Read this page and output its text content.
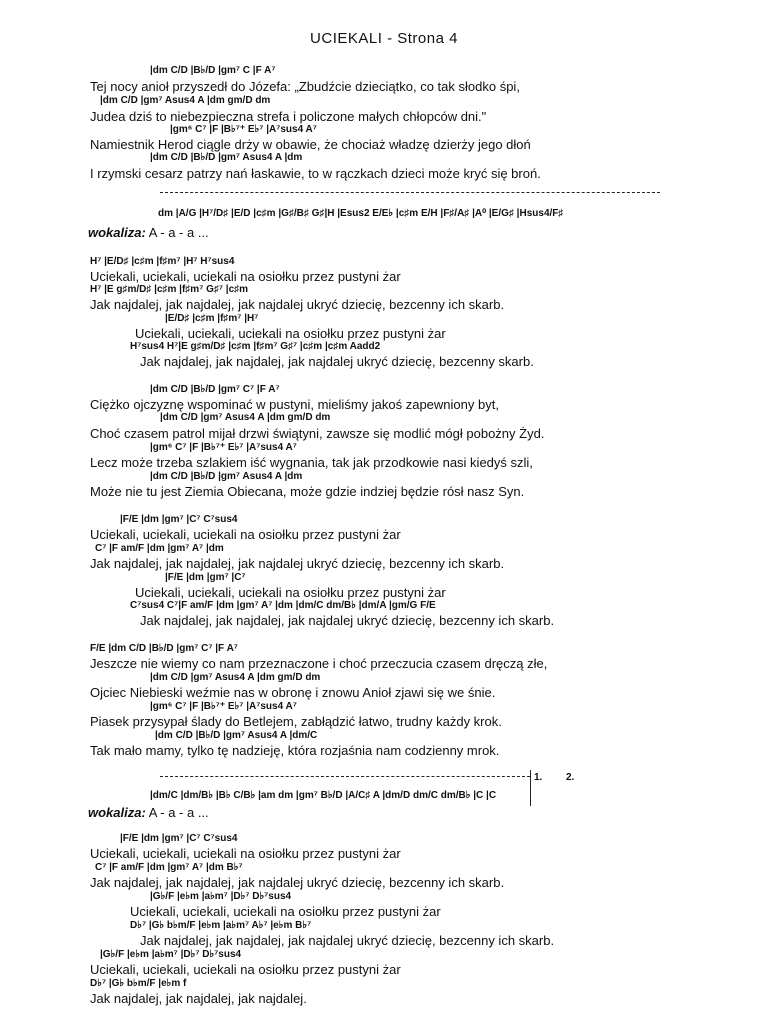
UCIEKALI - Strona 4
|dm C/D |B♭/D |gm⁷ C |F A⁷
Tej nocy anioł przyszedł do Józefa: „Zbudźcie dzieciątko, co tak słodko śpi,
|dm C/D |gm⁷ Asus4 A |dm gm/D dm
Judea dziś to niebezpieczna strefa i policzone małych chłopców dni."
|gm⁶ C⁷ |F |B♭⁷⁺ E♭⁷ |A⁷sus4 A⁷
Namiestnik Herod ciągle drży w obawie, że chociaż władzę dzierży jego dłoń
|dm C/D |B♭/D |gm⁷ Asus4 A |dm
I rzymski cesarz patrzy nań łaskawie, to w rączkach dzieci może kryć się broń.
dm |A/G |H⁷/D♯ |E/D |c♯m |G♯/B♯ G♯|H |Esus2 E/E♭ |c♯m E/H |F♯/A♯ |A⁰ |E/G♯ |Hsus4/F♯
wokaliza: A - a - a ...
H⁷ |E/D♯ |c♯m |f♯m⁷ |H⁷ H⁷sus4
Uciekali, uciekali, uciekali na osiołku przez pustyni żar
H⁷ |E g♯m/D♯ |c♯m |f♯m⁷ G♯⁷ |c♯m
Jak najdalej, jak najdalej, jak najdalej ukryć dziecię, bezcenny ich skarb.
|E/D♯ |c♯m |f♯m⁷ |H⁷
Uciekali, uciekali, uciekali na osiołku przez pustyni żar
H⁷sus4 H⁷|E g♯m/D♯ |c♯m |f♯m⁷ G♯⁷ |c♯m |c♯m Aadd2
Jak najdalej, jak najdalej, jak najdalej ukryć dziecię, bezcenny skarb.
|dm C/D |B♭/D |gm⁷ C⁷ |F A⁷
Ciężko ojczyznę wspominać w pustyni, mieliśmy jakoś zapewniony byt,
|dm C/D |gm⁷ Asus4 A |dm gm/D dm
Choć czasem patrol mijał drzwi świątyni, zawsze się modlić mógł pobożny Żyd.
|gm⁶ C⁷ |F |B♭⁷⁺ E♭⁷ |A⁷sus4 A⁷
Lecz może trzeba szlakiem iść wygnania, tak jak przodkowie nasi kiedyś szli,
|dm C/D |B♭/D |gm⁷ Asus4 A |dm
Może nie tu jest Ziemia Obiecana, może gdzie indziej będzie rósł nasz Syn.
|F/E |dm |gm⁷ |C⁷ C⁷sus4
Uciekali, uciekali, uciekali na osiołku przez pustyni żar
C⁷ |F am/F |dm |gm⁷ A⁷ |dm
Jak najdalej, jak najdalej, jak najdalej ukryć dziecię, bezcenny ich skarb.
|F/E |dm |gm⁷ |C⁷
Uciekali, uciekali, uciekali na osiołku przez pustyni żar
C⁷sus4 C⁷|F am/F |dm |gm⁷ A⁷ |dm |dm/C dm/B♭ |dm/A |gm/G F/E
Jak najdalej, jak najdalej, jak najdalej ukryć dziecię, bezcenny ich skarb.
F/E |dm C/D |B♭/D |gm⁷ C⁷ |F A⁷
Jeszcze nie wiemy co nam przeznaczone i choć przeczucia czasem dręczą złe,
|dm C/D |gm⁷ Asus4 A |dm gm/D dm
Ojciec Niebieski weźmie nas w obronę i znowu Anioł zjawi się we śnie.
|gm⁶ C⁷ |F |B♭⁷⁺ E♭⁷ |A⁷sus4 A⁷
Piasek przysypał ślady do Betlejem, zabłądzić łatwo, trudny każdy krok.
|dm C/D |B♭/D |gm⁷ Asus4 A |dm/C
Tak mało mamy, tylko tę nadzieję, która rozjaśnia nam codzienny mrok.
1. 2.
|dm/C |dm/B♭ |B♭ C/B♭ |am dm |gm⁷ B♭/D |A/C♯ A |dm/D dm/C dm/B♭ |C |C
wokaliza: A - a - a ...
|F/E |dm |gm⁷ |C⁷ C⁷sus4
Uciekali, uciekali, uciekali na osiołku przez pustyni żar
C⁷ |F am/F |dm |gm⁷ A⁷ |dm B♭⁷
Jak najdalej, jak najdalej, jak najdalej ukryć dziecię, bezcenny ich skarb.
|G♭/F |e♭m |a♭m⁷ |D♭⁷ D♭⁷sus4
Uciekali, uciekali, uciekali na osiołku przez pustyni żar
D♭⁷ |G♭ b♭m/F |e♭m |a♭m⁷ A♭⁷ |e♭m B♭⁷
Jak najdalej, jak najdalej, jak najdalej ukryć dziecię, bezcenny ich skarb.
|G♭/F |e♭m |a♭m⁷ |D♭⁷ D♭⁷sus4
Uciekali, uciekali, uciekali na osiołku przez pustyni żar
D♭⁷ |G♭ b♭m/F |e♭m f
Jak najdalej, jak najdalej, jak najdalej.
